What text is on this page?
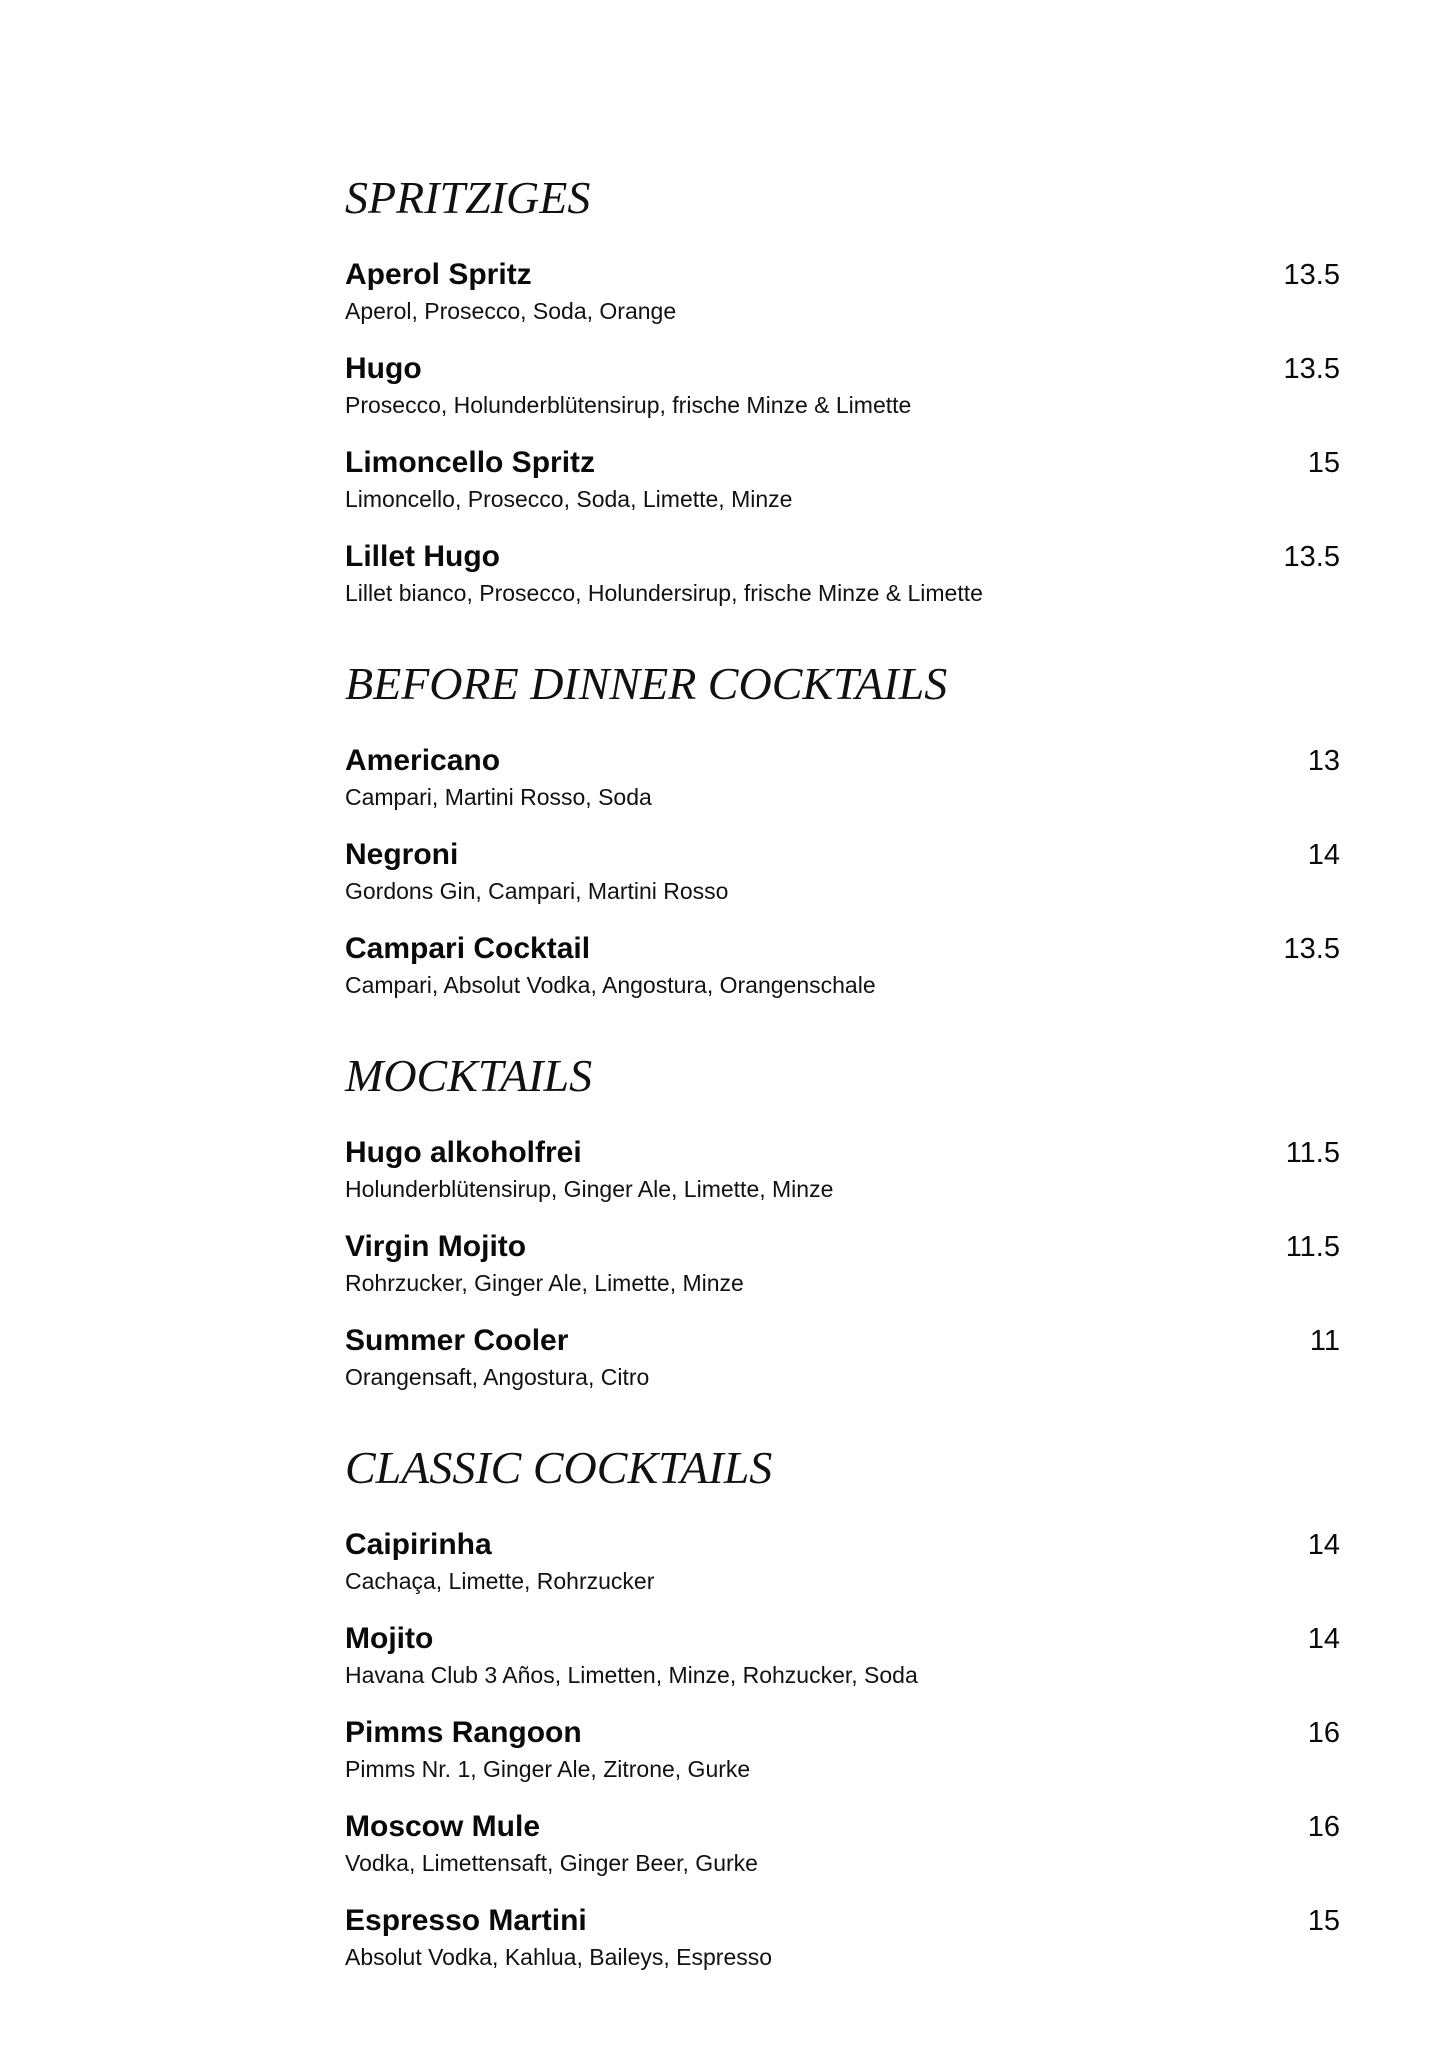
SPRITZIGES
Aperol Spritz	13.5
Aperol, Prosecco, Soda, Orange
Hugo	13.5
Prosecco, Holunderblütensirup, frische Minze & Limette
Limoncello Spritz	15
Limoncello, Prosecco, Soda, Limette, Minze
Lillet Hugo	13.5
Lillet bianco, Prosecco, Holundersirup, frische Minze & Limette
BEFORE DINNER COCKTAILS
Americano	13
Campari, Martini Rosso, Soda
Negroni	14
Gordons Gin, Campari, Martini Rosso
Campari Cocktail	13.5
Campari, Absolut Vodka, Angostura, Orangenschale
MOCKTAILS
Hugo alkoholfrei	11.5
Holunderblütensirup, Ginger Ale, Limette, Minze
Virgin Mojito	11.5
Rohrzucker, Ginger Ale, Limette, Minze
Summer Cooler	11
Orangensaft, Angostura, Citro
CLASSIC COCKTAILS
Caipirinha	14
Cachaça, Limette, Rohrzucker
Mojito	14
Havana Club 3 Años, Limetten, Minze, Rohzucker, Soda
Pimms Rangoon	16
Pimms Nr. 1, Ginger Ale, Zitrone, Gurke
Moscow Mule	16
Vodka, Limettensaft, Ginger Beer, Gurke
Espresso Martini	15
Absolut Vodka, Kahlua, Baileys, Espresso
